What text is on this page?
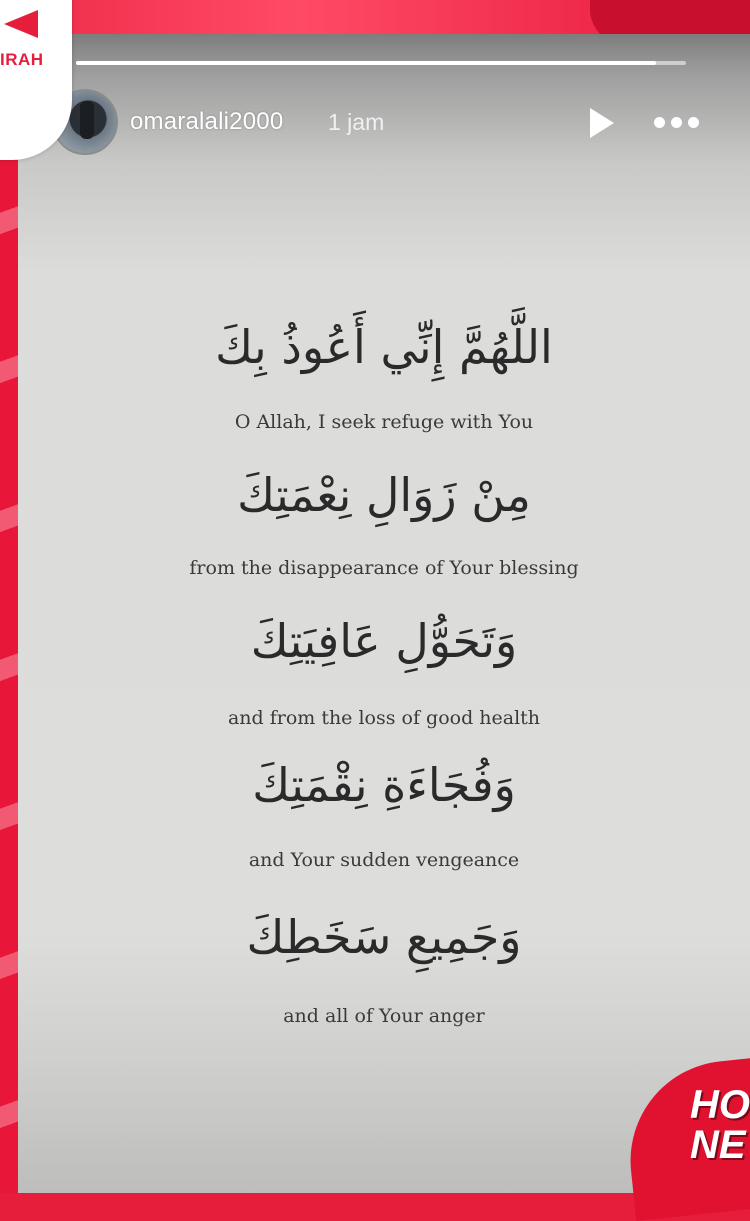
omaralali2000 1 jam
اللَّهُمَّ إِنِّي أَعُوذُ بِكَ
O Allah, I seek refuge with You
مِنْ زَوَالِ نِعْمَتِكَ
from the disappearance of Your blessing
وَتَحَوُّلِ عَافِيَتِكَ
and from the loss of good health
وَفُجَاءَةِ نِقْمَتِكَ
and Your sudden vengeance
وَجَمِيعِ سَخَطِكَ
and all of Your anger
IRAH
HO
NE
